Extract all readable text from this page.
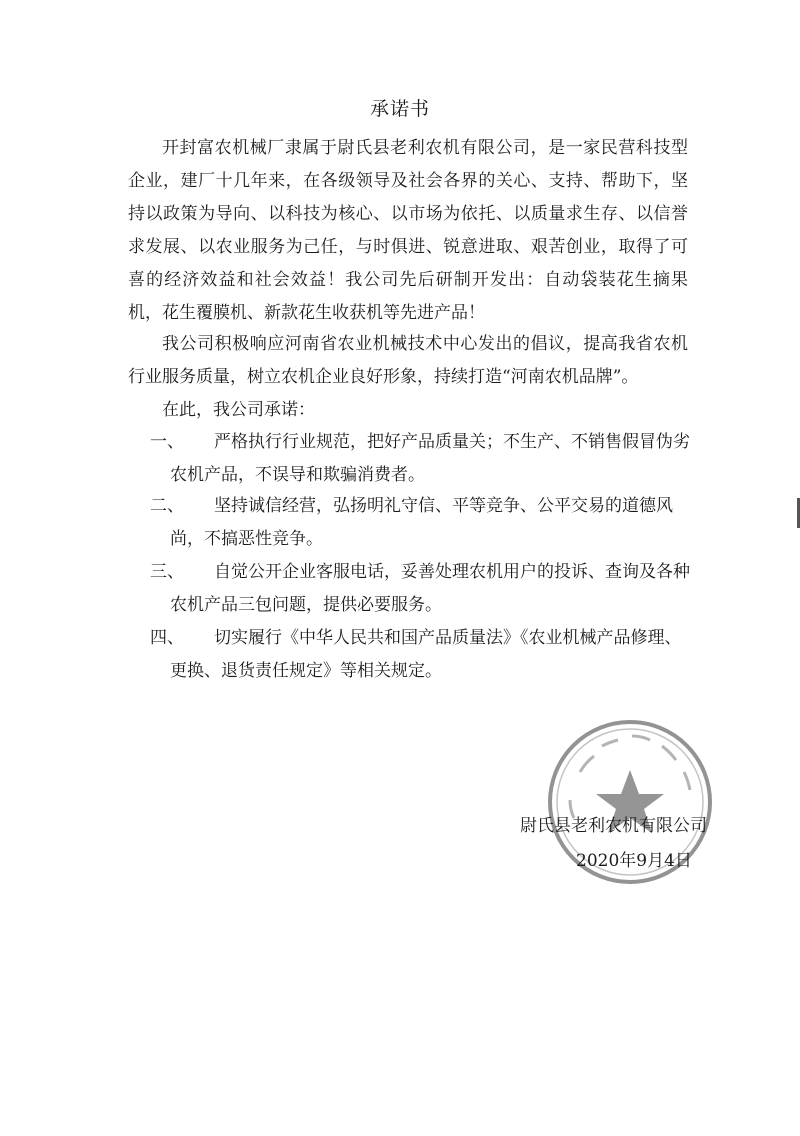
承诺书

开封富农机械厂隶属于尉氏县老利农机有限公司，是一家民营科技型企业，建厂十几年来，在各级领导及社会各界的关心、支持、帮助下，坚持以政策为导向、以科技为核心、以市场为依托、以质量求生存、以信誉求发展、以农业服务为己任，与时俱进、锐意进取、艰苦创业，取得了可喜的经济效益和社会效益！我公司先后研制开发出：自动袋装花生摘果机，花生覆膜机、新款花生收获机等先进产品！

我公司积极响应河南省农业机械技术中心发出的倡议，提高我省农机行业服务质量，树立农机企业良好形象，持续打造“河南农机品牌”。

在此，我公司承诺：

一、	严格执行行业规范，把好产品质量关；不生产、不销售假冒伪劣农机产品，不误导和欺骗消费者。
二、	坚持诚信经营，弘扬明礼守信、平等竞争、公平交易的道德风尚，不搞恶性竞争。
三、	自觉公开企业客服电话，妥善处理农机用户的投诉、查询及各种农机产品三包问题，提供必要服务。
四、	切实履行《中华人民共和国产品质量法》《农业机械产品修理、更换、退货责任规定》等相关规定。
尉氏县老利农机有限公司
2020年9月4日
